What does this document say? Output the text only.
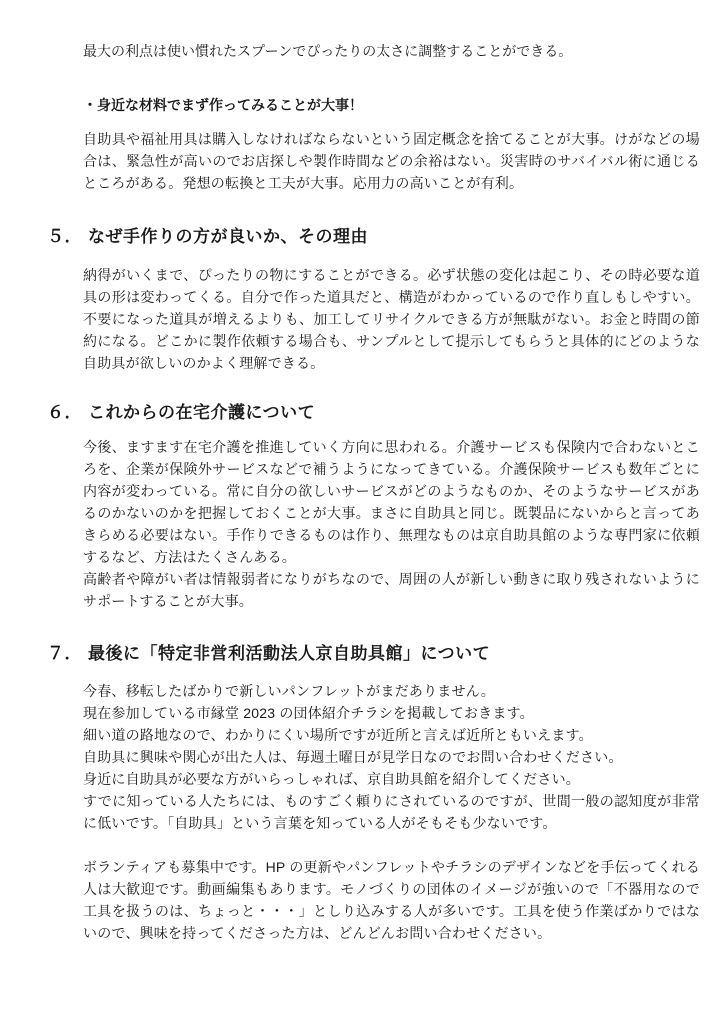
最大の利点は使い慣れたスプーンでぴったりの太さに調整することができる。

・身近な材料でまず作ってみることが大事！

自助具や福祉用具は購入しなければならないという固定概念を捨てることが大事。けがなどの場合は、緊急性が高いのでお店探しや製作時間などの余裕はない。災害時のサバイバル術に通じるところがある。発想の転換と工夫が大事。応用力の高いことが有利。

５． なぜ手作りの方が良いか、その理由

納得がいくまで、ぴったりの物にすることができる。必ず状態の変化は起こり、その時必要な道具の形は変わってくる。自分で作った道具だと、構造がわかっているので作り直しもしやすい。不要になった道具が増えるよりも、加工してリサイクルできる方が無駄がない。お金と時間の節約になる。どこかに製作依頼する場合も、サンプルとして提示してもらうと具体的にどのような自助具が欲しいのかよく理解できる。

６． これからの在宅介護について

今後、ますます在宅介護を推進していく方向に思われる。介護サービスも保険内で合わないところを、企業が保険外サービスなどで補うようになってきている。介護保険サービスも数年ごとに内容が変わっている。常に自分の欲しいサービスがどのようなものか、そのようなサービスがあるのかないのかを把握しておくことが大事。まさに自助具と同じ。既製品にないからと言ってあきらめる必要はない。手作りできるものは作り、無理なものは京自助具館のような専門家に依頼するなど、方法はたくさんある。

高齢者や障がい者は情報弱者になりがちなので、周囲の人が新しい動きに取り残されないようにサポートすることが大事。

７． 最後に「特定非営利活動法人京自助具館」について

今春、移転したばかりで新しいパンフレットがまだありません。

現在参加している市縁堂 2023 の団体紹介チラシを掲載しておきます。

細い道の路地なので、わかりにくい場所ですが近所と言えば近所ともいえます。

自助具に興味や関心が出た人は、毎週土曜日が見学日なのでお問い合わせください。

身近に自助具が必要な方がいらっしゃれば、京自助具館を紹介してください。

すでに知っている人たちには、ものすごく頼りにされているのですが、世間一般の認知度が非常に低いです。「自助具」という言葉を知っている人がそもそも少ないです。

ボランティアも募集中です。HP の更新やパンフレットやチラシのデザインなどを手伝ってくれる人は大歓迎です。動画編集もあります。モノづくりの団体のイメージが強いので「不器用なので工具を扱うのは、ちょっと・・・」としり込みする人が多いです。工具を使う作業ばかりではないので、興味を持ってくださった方は、どんどんお問い合わせください。
